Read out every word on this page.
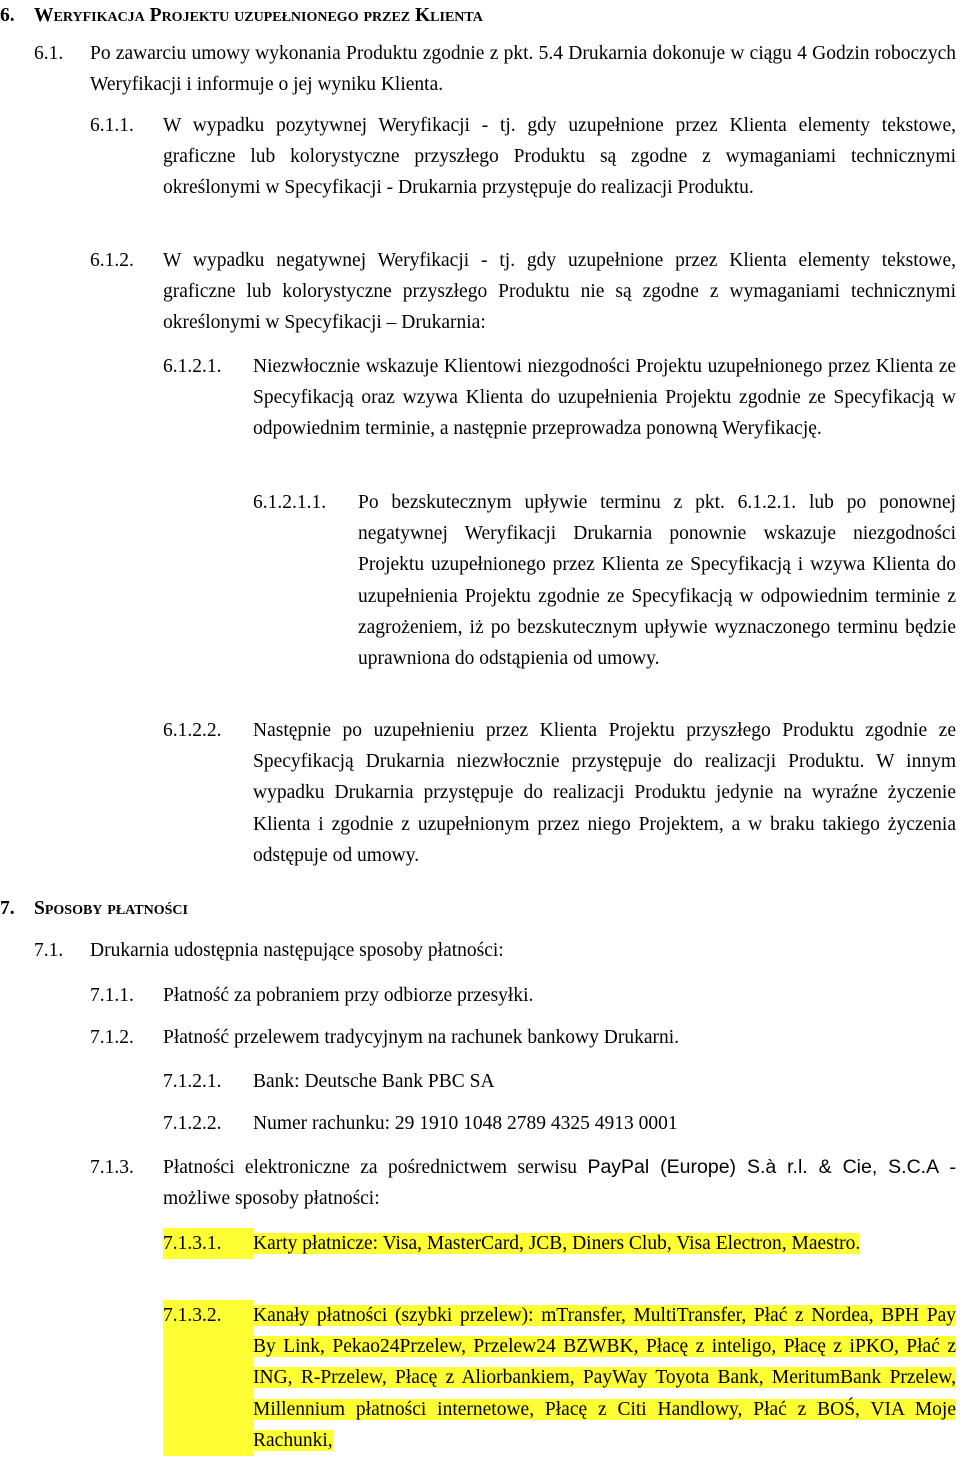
6. Weryfikacja Projektu uzupełnionego przez Klienta
6.1.	Po zawarciu umowy wykonania Produktu zgodnie z pkt. 5.4 Drukarnia dokonuje w ciągu 4 Godzin roboczych Weryfikacji i informuje o jej wyniku Klienta.
6.1.1.	W wypadku pozytywnej Weryfikacji - tj. gdy uzupełnione przez Klienta elementy tekstowe, graficzne lub kolorystyczne przyszłego Produktu są zgodne z wymaganiami technicznymi określonymi w Specyfikacji - Drukarnia przystępuje do realizacji Produktu.
6.1.2.	W wypadku negatywnej Weryfikacji - tj. gdy uzupełnione przez Klienta elementy tekstowe, graficzne lub kolorystyczne przyszłego Produktu nie są zgodne z wymaganiami technicznymi określonymi w Specyfikacji – Drukarnia:
6.1.2.1.	Niezwłocznie wskazuje Klientowi niezgodności Projektu uzupełnionego przez Klienta ze Specyfikacją oraz wzywa Klienta do uzupełnienia Projektu zgodnie ze Specyfikacją w odpowiednim terminie, a następnie przeprowadza ponowną Weryfikację.
6.1.2.1.1.	Po bezskutecznym upływie terminu z pkt. 6.1.2.1. lub po ponownej negatywnej Weryfikacji Drukarnia ponownie wskazuje niezgodności Projektu uzupełnionego przez Klienta ze Specyfikacją i wzywa Klienta do uzupełnienia Projektu zgodnie ze Specyfikacją w odpowiednim terminie z zagrożeniem, iż po bezskutecznym upływie wyznaczonego terminu będzie uprawniona do odstąpienia od umowy.
6.1.2.2.	Następnie po uzupełnieniu przez Klienta Projektu przyszłego Produktu zgodnie ze Specyfikacją Drukarnia niezwłocznie przystępuje do realizacji Produktu. W innym wypadku Drukarnia przystępuje do realizacji Produktu jedynie na wyraźne życzenie Klienta i zgodnie z uzupełnionym przez niego Projektem, a w braku takiego życzenia odstępuje od umowy.
7. Sposoby płatności
7.1.	Drukarnia udostępnia następujące sposoby płatności:
7.1.1.	Płatność za pobraniem przy odbiorze przesyłki.
7.1.2.	Płatność przelewem tradycyjnym na rachunek bankowy Drukarni.
7.1.2.1.	Bank: Deutsche Bank PBC SA
7.1.2.2.	Numer rachunku: 29 1910 1048 2789 4325 4913 0001
7.1.3.	Płatności elektroniczne za pośrednictwem serwisu PayPal (Europe) S.à r.l. & Cie, S.C.A - możliwe sposoby płatności:
7.1.3.1.	Karty płatnicze: Visa, MasterCard, JCB, Diners Club, Visa Electron, Maestro.
7.1.3.2.	Kanały płatności (szybki przelew): mTransfer, MultiTransfer, Płać z Nordea, BPH Pay By Link, Pekao24Przelew, Przelew24 BZWBK, Płacę z inteligo, Płacę z iPKO, Płać z ING, R-Przelew, Płacę z Aliorbankiem, PayWay Toyota Bank, MeritumBank Przelew, Millennium płatności internetowe, Płacę z Citi Handlowy, Płać z BOŚ, VIA Moje Rachunki,
